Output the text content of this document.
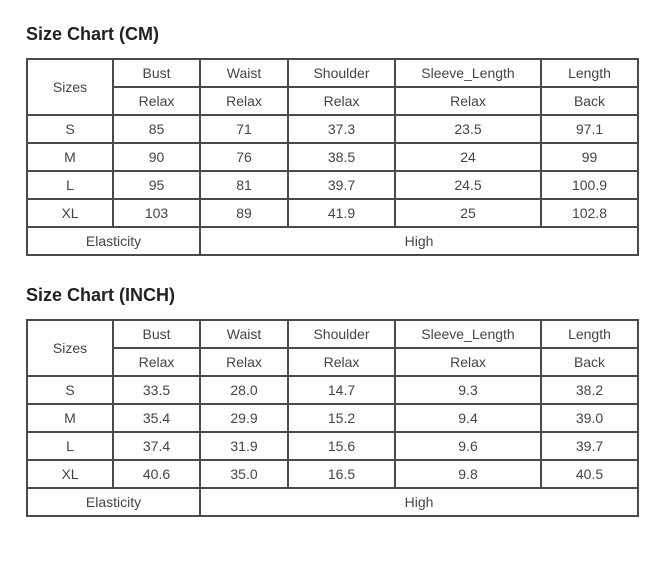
Size Chart (CM)
Sizes	Bust	Waist	Shoulder	Sleeve_Length	Length
	Relax	Relax	Relax	Relax	Back
S	85	71	37.3	23.5	97.1
M	90	76	38.5	24	99
L	95	81	39.7	24.5	100.9
XL	103	89	41.9	25	102.8
Elasticity		High			
Size Chart (INCH)
Sizes	Bust	Waist	Shoulder	Sleeve_Length	Length
	Relax	Relax	Relax	Relax	Back
S	33.5	28.0	14.7	9.3	38.2
M	35.4	29.9	15.2	9.4	39.0
L	37.4	31.9	15.6	9.6	39.7
XL	40.6	35.0	16.5	9.8	40.5
Elasticity		High			
